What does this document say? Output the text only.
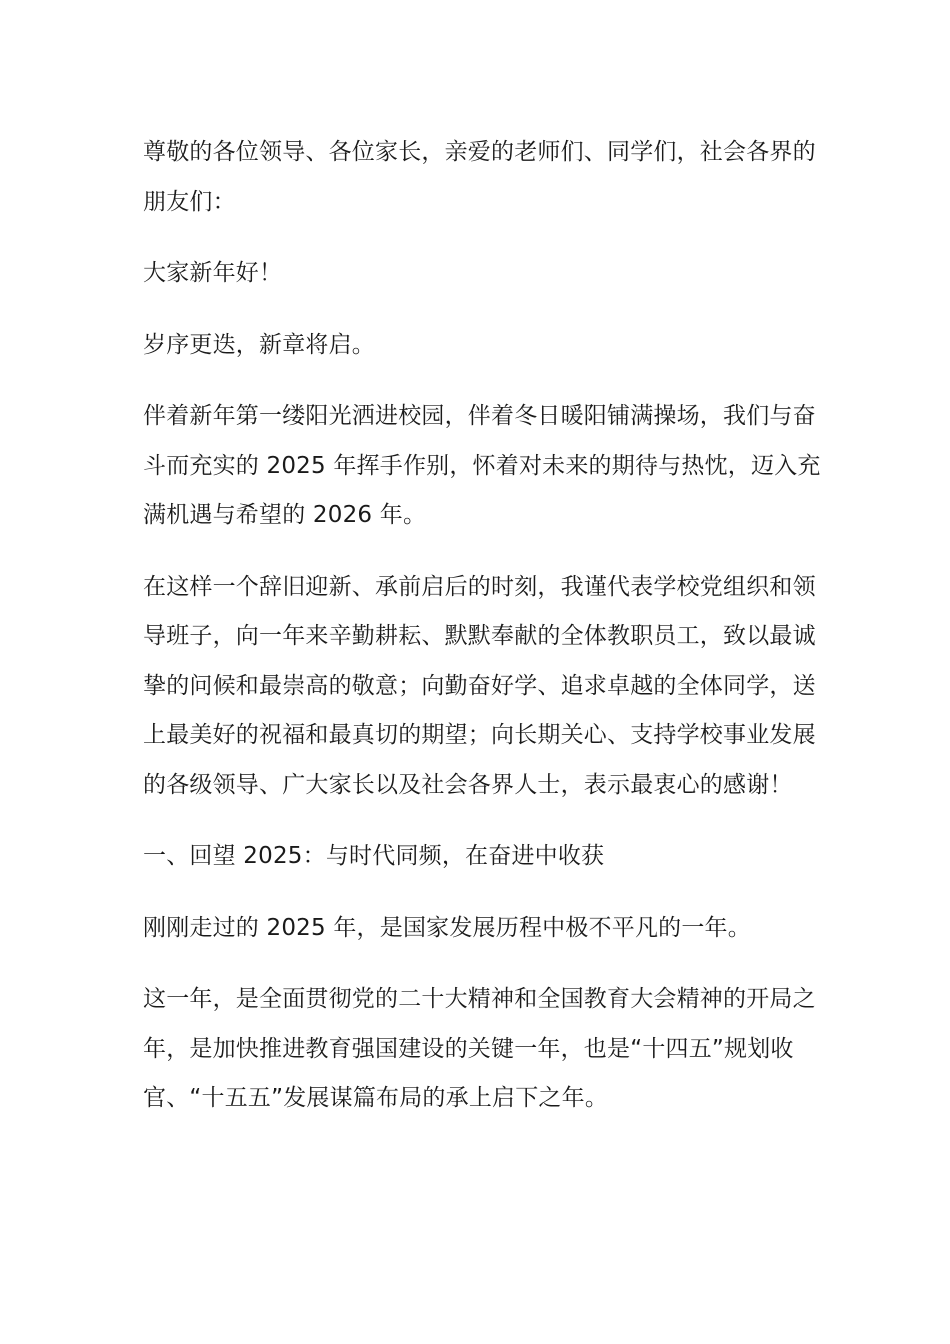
尊敬的各位领导、各位家长，亲爱的老师们、同学们，社会各界的朋友们：

大家新年好！

岁序更迭，新章将启。

伴着新年第一缕阳光洒进校园，伴着冬日暖阳铺满操场，我们与奋斗而充实的 2025 年挥手作别，怀着对未来的期待与热忱，迈入充满机遇与希望的 2026 年。

在这样一个辞旧迎新、承前启后的时刻，我谨代表学校党组织和领导班子，向一年来辛勤耕耘、默默奉献的全体教职员工，致以最诚挚的问候和最崇高的敬意；向勤奋好学、追求卓越的全体同学，送上最美好的祝福和最真切的期望；向长期关心、支持学校事业发展的各级领导、广大家长以及社会各界人士，表示最衷心的感谢！

一、回望 2025：与时代同频，在奋进中收获

刚刚走过的 2025 年，是国家发展历程中极不平凡的一年。

这一年，是全面贯彻党的二十大精神和全国教育大会精神的开局之年，是加快推进教育强国建设的关键一年，也是“十四五”规划收官、“十五五”发展谋篇布局的承上启下之年。
